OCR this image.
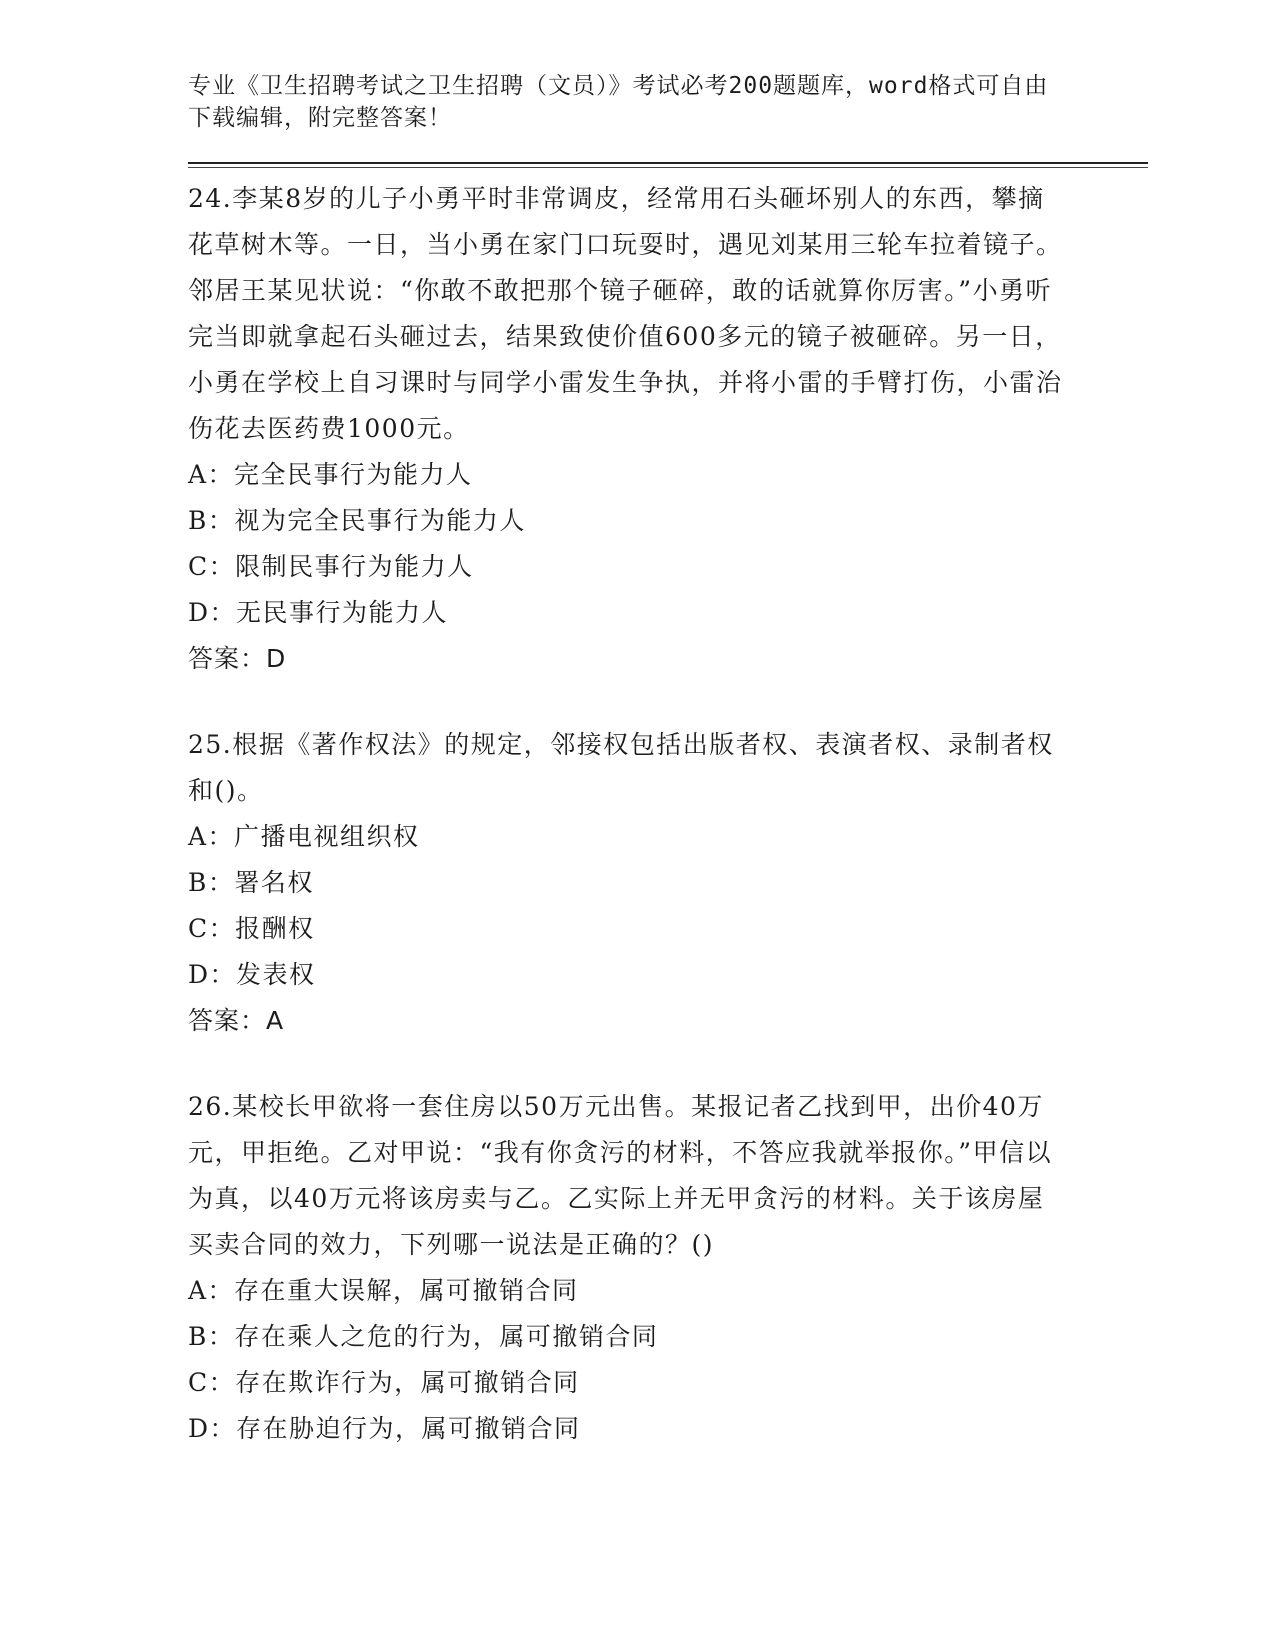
专业《卫生招聘考试之卫生招聘（文员）》考试必考200题题库，word格式可自由下载编辑，附完整答案！
24.李某8岁的儿子小勇平时非常调皮，经常用石头砸坏别人的东西，攀摘花草树木等。一日，当小勇在家门口玩耍时，遇见刘某用三轮车拉着镜子。邻居王某见状说：“你敢不敢把那个镜子砸碎，敢的话就算你厉害。”小勇听完当即就拿起石头砸过去，结果致使价值600多元的镜子被砸碎。另一日，小勇在学校上自习课时与同学小雷发生争执，并将小雷的手臂打伤，小雷治伤花去医药费1000元。
A：完全民事行为能力人
B：视为完全民事行为能力人
C：限制民事行为能力人
D：无民事行为能力人
答案：D
25.根据《著作权法》的规定，邻接权包括出版者权、表演者权、录制者权和()。
A：广播电视组织权
B：署名权
C：报酬权
D：发表权
答案：A
26.某校长甲欲将一套住房以50万元出售。某报记者乙找到甲，出价40万元，甲拒绝。乙对甲说：“我有你贪污的材料，不答应我就举报你。”甲信以为真，以40万元将该房卖与乙。乙实际上并无甲贪污的材料。关于该房屋买卖合同的效力，下列哪一说法是正确的？()
A：存在重大误解，属可撤销合同
B：存在乘人之危的行为，属可撤销合同
C：存在欺诈行为，属可撤销合同
D：存在胁迫行为，属可撤销合同
